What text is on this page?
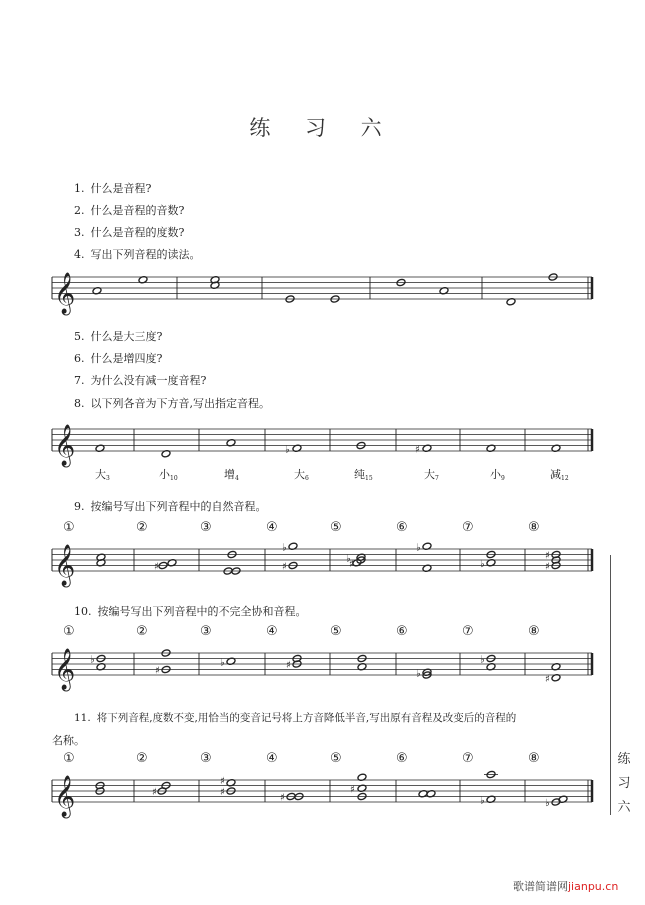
练 习 六
1. 什么是音程?
2. 什么是音程的音数?
3. 什么是音程的度数?
4. 写出下列音程的读法。
5. 什么是大三度?
6. 什么是增四度?
7. 为什么没有减一度音程?
8. 以下列各音为下方音,写出指定音程。
9. 按编号写出下列音程中的自然音程。
10. 按编号写出下列音程中的不完全协和音程。
11. 将下列音程,度数不变,用恰当的变音记号将上方音降低半音,写出原有音程及改变后的音程的
名称。
①	②	③	④	⑤	⑥	⑦	⑧
①	②	③	④	⑤	⑥	⑦	⑧
①	②	③	④	⑤	⑥	⑦	⑧
大$_3$	小$_{10}$	增$_4$	大$_6$	纯$_{15}$	大$_7$	小$_9$	减$_{12}$
𝄞
𝄞	♭	♯
𝄞	♯	♯
♭
♭
♯
♭
♭	♯
♯
𝄞 ♭
♯
♭	♯
♭
♭
♯
𝄞	♯	♯
♯
♯
♯
♭	♭
练
习
六
歌谱简谱网jianpu.cn
